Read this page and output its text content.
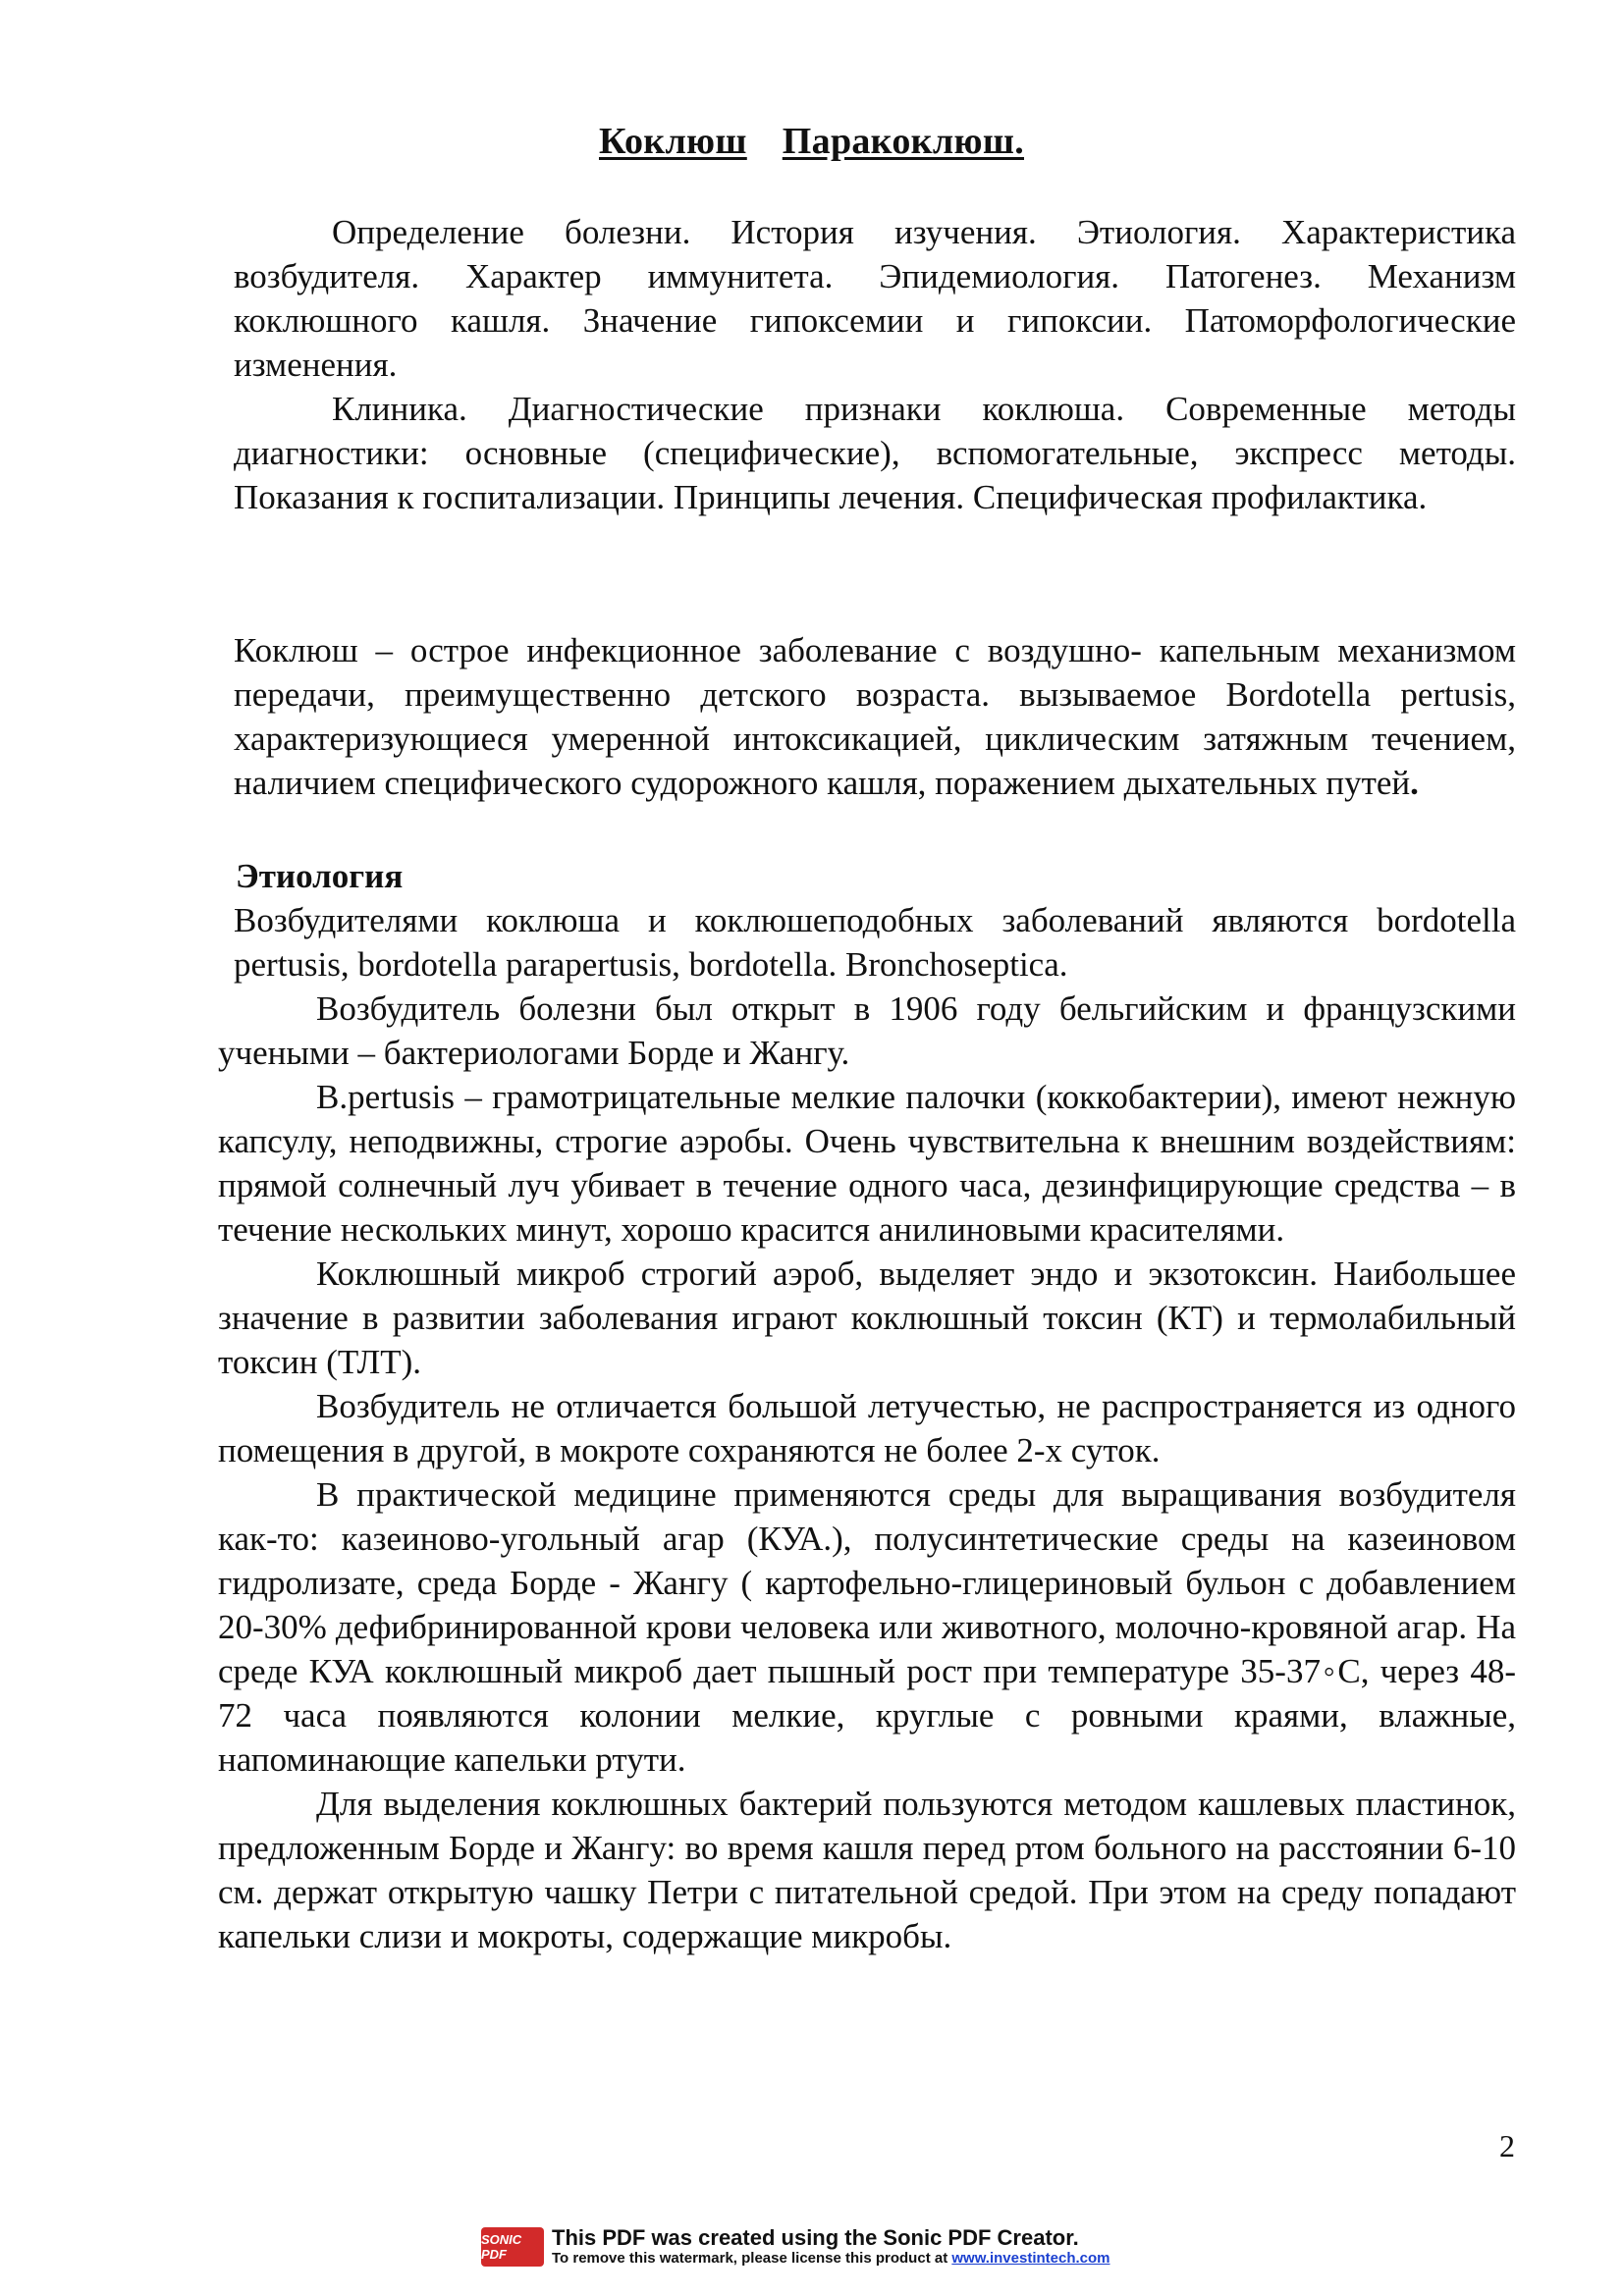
Коклюш Паракоклюш.

Определение болезни. История изучения. Этиология. Характеристика возбудителя. Характер иммунитета. Эпидемиология. Патогенез. Механизм коклюшного кашля. Значение гипоксемии и гипоксии. Патоморфологические изменения.

Клиника. Диагностические признаки коклюша. Современные методы диагностики: основные (специфические), вспомогательные, экспресс методы. Показания к госпитализации. Принципы лечения. Специфическая профилактика.

Коклюш – острое инфекционное заболевание с воздушно- капельным механизмом передачи, преимущественно детского возраста. вызываемое Bordotella pertusis, характеризующиеся умеренной интоксикацией, циклическим затяжным течением, наличием специфического судорожного кашля, поражением дыхательных путей.

Этиология

Возбудителями коклюша и коклюшеподобных заболеваний являются bordotella pertusis, bordotella parapertusis, bordotella. Bronchoseptica.

Возбудитель болезни был открыт в 1906 году бельгийским и французскими учеными – бактериологами Борде и Жангу.

B.pertusis – грамотрицательные мелкие палочки (коккобактерии), имеют нежную капсулу, неподвижны, строгие аэробы. Очень чувствительна к внешним воздействиям: прямой солнечный луч убивает в течение одного часа, дезинфицирующие средства – в течение нескольких минут, хорошо красится анилиновыми красителями.

Коклюшный микроб строгий аэроб, выделяет эндо и экзотоксин. Наибольшее значение в развитии заболевания играют коклюшный токсин (КТ) и термолабильный токсин (ТЛТ).

Возбудитель не отличается большой летучестью, не распространяется из одного помещения в другой, в мокроте сохраняются не более 2-х суток.

В практической медицине применяются среды для выращивания возбудителя как-то: казеиново-угольный агар (КУА.), полусинтетические среды на казеиновом гидролизате, среда Борде - Жангу ( картофельно-глицериновый бульон с добавлением 20-30% дефибринированной крови человека или животного, молочно-кровяной агар. На среде КУА коклюшный микроб дает пышный рост при температуре 35-37◦С, через 48-72 часа появляются колонии мелкие, круглые с ровными краями, влажные, напоминающие капельки ртути.

Для выделения коклюшных бактерий пользуются методом кашлевых пластинок, предложенным Борде и Жангу: во время кашля перед ртом больного на расстоянии 6-10 см. держат открытую чашку Петри с питательной средой. При этом на среду попадают капельки слизи и мокроты, содержащие микробы.

2
SONIC PDF
This PDF was created using the Sonic PDF Creator.
To remove this watermark, please license this product at www.investintech.com
